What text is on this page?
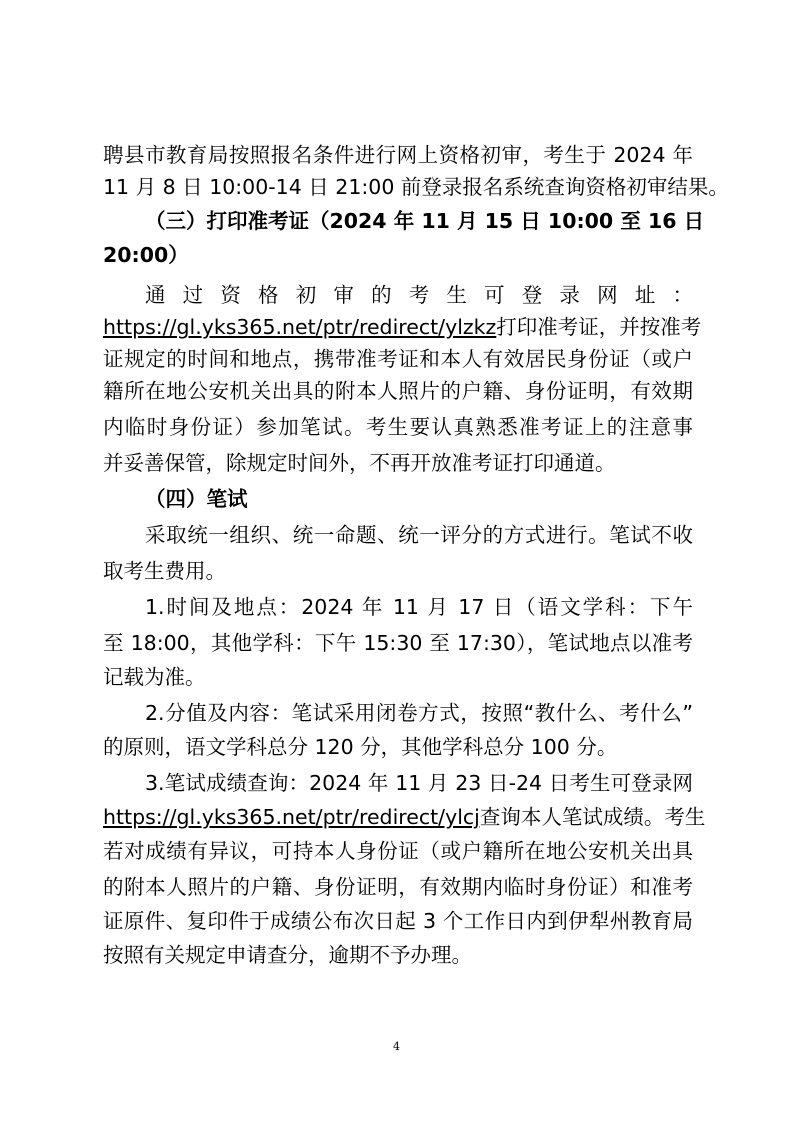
聘县市教育局按照报名条件进行网上资格初审，考生于 2024 年
11 月 8 日 10:00-14 日 21:00 前登录报名系统查询资格初审结果。
（三）打印准考证（2024 年 11 月 15 日 10:00 至 16 日
20:00）
通过资格初审的考生可登录网址：
https://gl.yks365.net/ptr/redirect/ylzkz打印准考证，并按准考
证规定的时间和地点，携带准考证和本人有效居民身份证（或户
籍所在地公安机关出具的附本人照片的户籍、身份证明，有效期
内临时身份证）参加笔试。考生要认真熟悉准考证上的注意事
并妥善保管，除规定时间外，不再开放准考证打印通道。
（四）笔试
采取统一组织、统一命题、统一评分的方式进行。笔试不收
取考生费用。
1.时间及地点：2024 年 11 月 17 日（语文学科：下午
至 18:00，其他学科：下午 15:30 至 17:30），笔试地点以准考
记载为准。
2.分值及内容：笔试采用闭卷方式，按照“教什么、考什么”
的原则，语文学科总分 120 分，其他学科总分 100 分。
3.笔试成绩查询：2024 年 11 月 23 日-24 日考生可登录网
https://gl.yks365.net/ptr/redirect/ylcj查询本人笔试成绩。考生
若对成绩有异议，可持本人身份证（或户籍所在地公安机关出具
的附本人照片的户籍、身份证明，有效期内临时身份证）和准考
证原件、复印件于成绩公布次日起 3 个工作日内到伊犁州教育局
按照有关规定申请查分，逾期不予办理。
4
